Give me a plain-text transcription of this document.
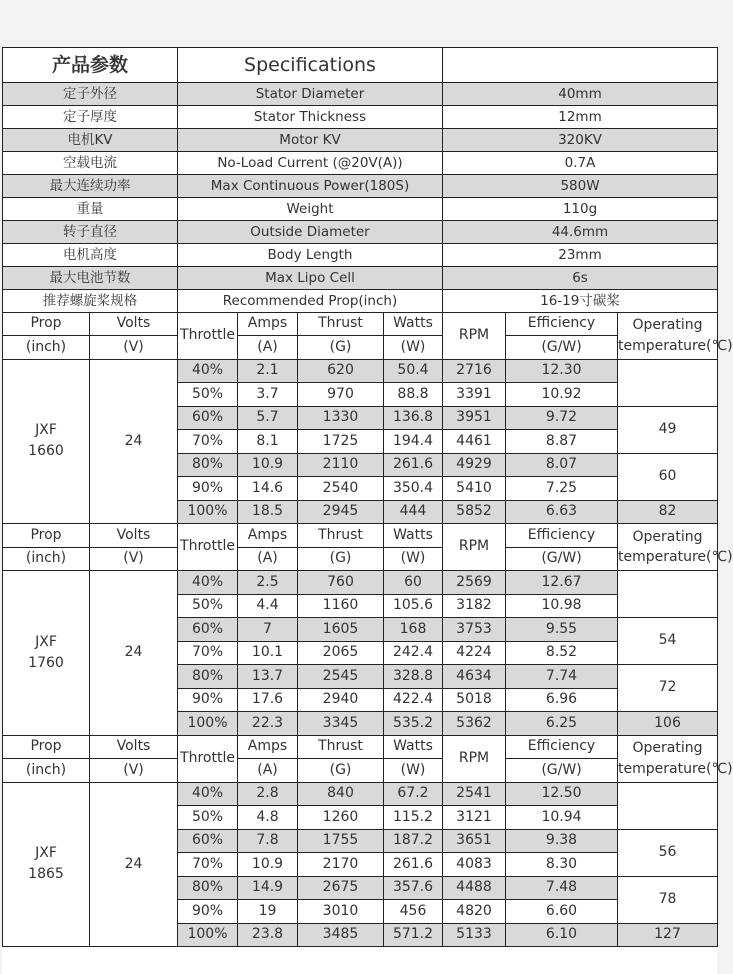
产品参数	Specifications	
定子外径	Stator Diameter	40mm
定子厚度	Stator Thickness	12mm
电机KV	Motor KV	320KV
空载电流	No-Load Current (@20V(A))	0.7A
最大连续功率	Max Continuous Power(180S)	580W
重量	Weight	110g
转子直径	Outside Diameter	44.6mm
电机高度	Body Length	23mm
最大电池节数	Max Lipo Cell	6s
推荐螺旋桨规格	Recommended Prop(inch)	16-19寸碳桨
Prop	Volts	Throttle	Amps	Thrust	Watts	RPM	Efficiency	Operating
temperature(℃)
(inch)	(V)		(A)	(G)	(W)		(G/W)	
JXF
1660	24	40%	2.1	620	50.4	2716	12.30	
		50%	3.7	970	88.8	3391	10.92	
		60%	5.7	1330	136.8	3951	9.72	49
		70%	8.1	1725	194.4	4461	8.87	
		80%	10.9	2110	261.6	4929	8.07	60
		90%	14.6	2540	350.4	5410	7.25	
		100%	18.5	2945	444	5852	6.63	82
Prop	Volts	Throttle	Amps	Thrust	Watts	RPM	Efficiency	Operating
temperature(℃)
(inch)	(V)		(A)	(G)	(W)		(G/W)	
JXF
1760	24	40%	2.5	760	60	2569	12.67	
		50%	4.4	1160	105.6	3182	10.98	
		60%	7	1605	168	3753	9.55	54
		70%	10.1	2065	242.4	4224	8.52	
		80%	13.7	2545	328.8	4634	7.74	72
		90%	17.6	2940	422.4	5018	6.96	
		100%	22.3	3345	535.2	5362	6.25	106
Prop	Volts	Throttle	Amps	Thrust	Watts	RPM	Efficiency	Operating
temperature(℃)
(inch)	(V)		(A)	(G)	(W)		(G/W)	
JXF
1865	24	40%	2.8	840	67.2	2541	12.50	
		50%	4.8	1260	115.2	3121	10.94	
		60%	7.8	1755	187.2	3651	9.38	56
		70%	10.9	2170	261.6	4083	8.30	
		80%	14.9	2675	357.6	4488	7.48	78
		90%	19	3010	456	4820	6.60	
		100%	23.8	3485	571.2	5133	6.10	127
